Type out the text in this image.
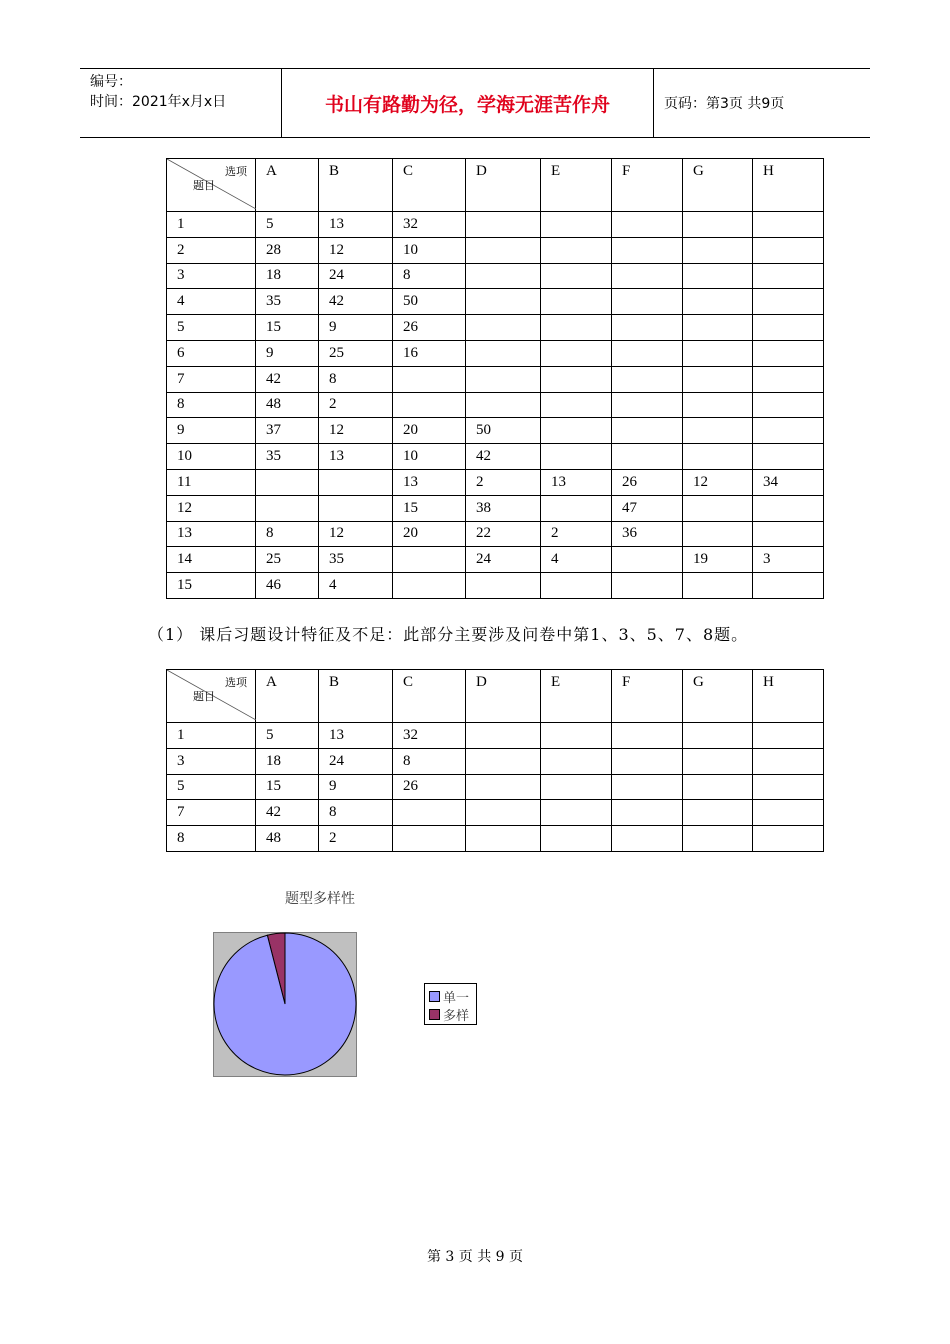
编号：
时间：2021年x月x日	书山有路勤为径，学海无涯苦作舟	页码：第3页 共9页
选项
题目	A	B	C	D	E	F	G	H
1	5	13	32					
2	28	12	10					
3	18	24	8					
4	35	42	50					
5	15	9	26					
6	9	25	16					
7	42	8						
8	48	2						
9	37	12	20	50				
10	35	13	10	42				
11			13	2	13	26	12	34
12			15	38		47		
13	8	12	20	22	2	36		
14	25	35		24	4		19	3
15	46	4						
（1） 课后习题设计特征及不足：此部分主要涉及问卷中第1、3、5、7、8题。
选项
题目	A	B	C	D	E	F	G	H
1	5	13	32					
3	18	24	8					
5	15	9	26					
7	42	8						
8	48	2						
题型多样性
单一
多样
第 3 页 共 9 页
